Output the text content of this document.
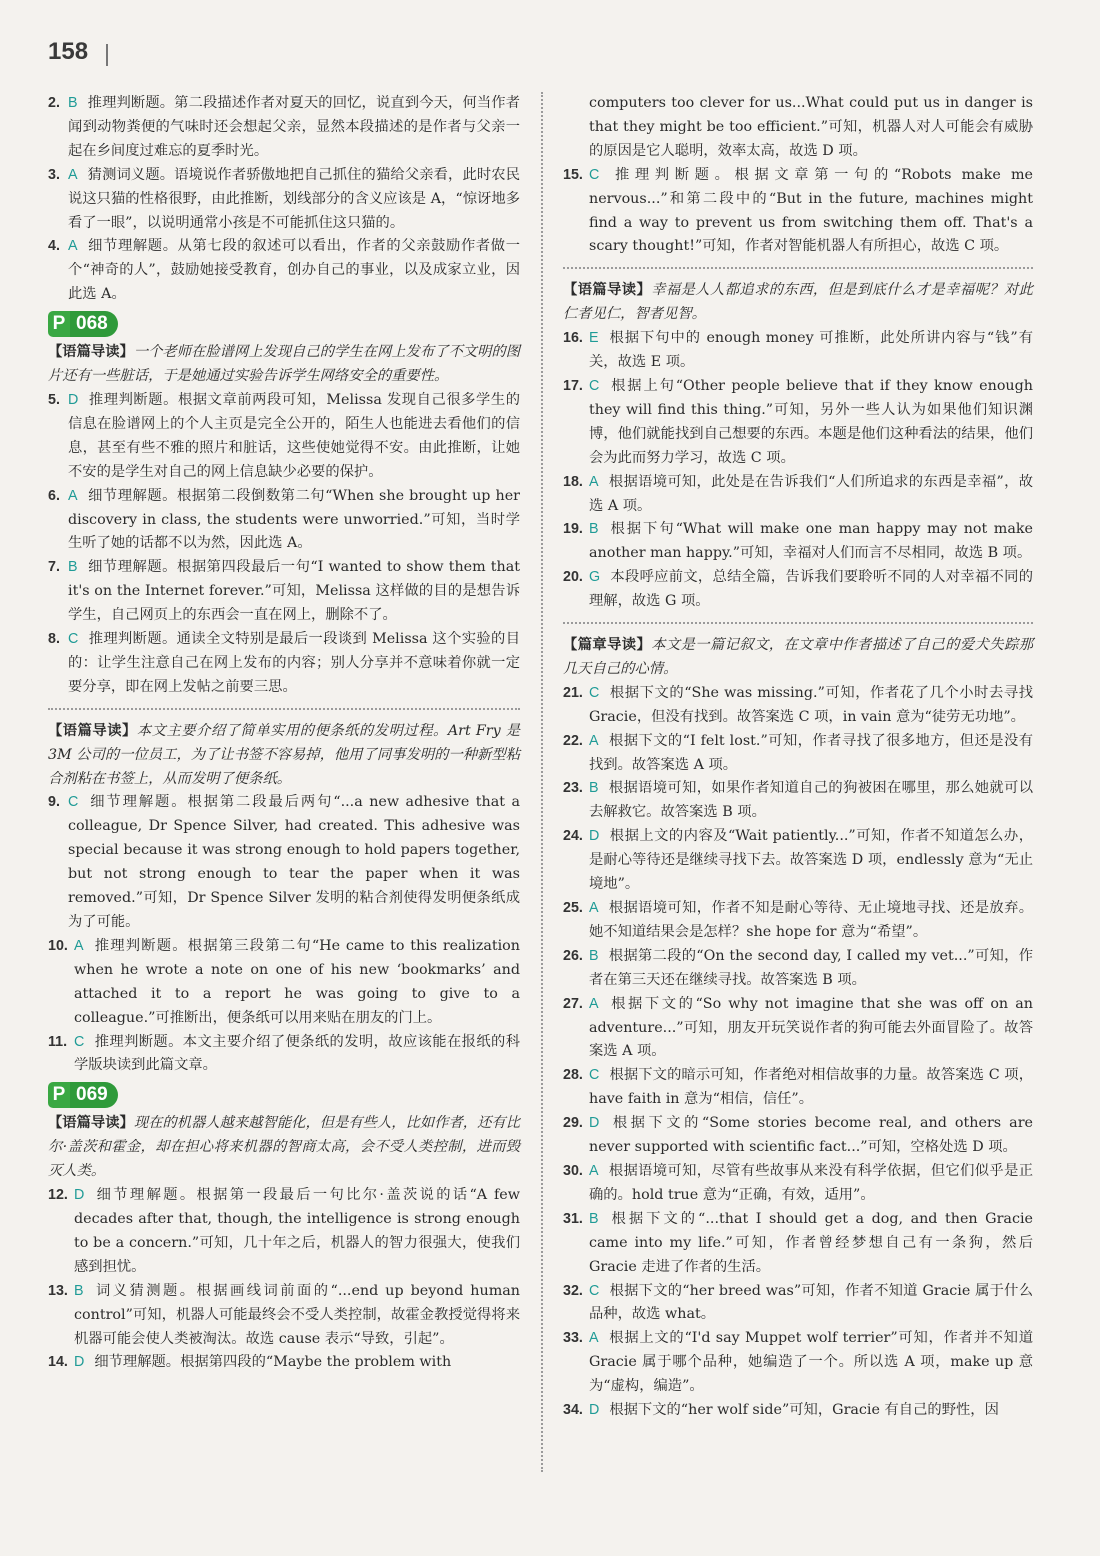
158
2. B 推理判断题。第二段描述作者对夏天的回忆，说直到今天，何当作者闻到动物粪便的气味时还会想起父亲，显然本段描述的是作者与父亲一起在乡间度过难忘的夏季时光。
3. A 猜测词义题。语境说作者骄傲地把自己抓住的猫给父亲看，此时农民说这只猫的性格很野，由此推断，划线部分的含义应该是 A，“惊讶地多看了一眼”，以说明通常小孩是不可能抓住这只猫的。
4. A 细节理解题。从第七段的叙述可以看出，作者的父亲鼓励作者做一个“神奇的人”，鼓励她接受教育，创办自己的事业，以及成家立业，因此选 A。
P 068

【语篇导读】一个老师在脸谱网上发现自己的学生在网上发布了不文明的图片还有一些脏话，于是她通过实验告诉学生网络安全的重要性。

5. D 推理判断题。根据文章前两段可知，Melissa 发现自己很多学生的信息在脸谱网上的个人主页是完全公开的，陌生人也能进去看他们的信息，甚至有些不雅的照片和脏话，这些使她觉得不安。由此推断，让她不安的是学生对自己的网上信息缺少必要的保护。
6. A 细节理解题。根据第二段倒数第二句“When she brought up her discovery in class, the students were unworried.”可知，当时学生听了她的话都不以为然，因此选 A。
7. B 细节理解题。根据第四段最后一句“I wanted to show them that it's on the Internet forever.”可知，Melissa 这样做的目的是想告诉学生，自己网页上的东西会一直在网上，删除不了。
8. C 推理判断题。通读全文特别是最后一段谈到 Melissa 这个实验的目的：让学生注意自己在网上发布的内容；别人分享并不意味着你就一定要分享，即在网上发帖之前要三思。

【语篇导读】本文主要介绍了简单实用的便条纸的发明过程。Art Fry 是 3M 公司的一位员工，为了让书签不容易掉，他用了同事发明的一种新型粘合剂粘在书签上，从而发明了便条纸。

9. C 细节理解题。根据第二段最后两句“...a new adhesive that a colleague, Dr Spence Silver, had created. This adhesive was special because it was strong enough to hold papers together, but not strong enough to tear the paper when it was removed.”可知，Dr Spence Silver 发明的粘合剂使得发明便条纸成为了可能。
10. A 推理判断题。根据第三段第二句“He came to this realization when he wrote a note on one of his new ‘bookmarks’ and attached it to a report he was going to give to a colleague.”可推断出，便条纸可以用来贴在朋友的门上。
11. C 推理判断题。本文主要介绍了便条纸的发明，故应该能在报纸的科学版块读到此篇文章。
P 069

【语篇导读】现在的机器人越来越智能化，但是有些人，比如作者，还有比尔·盖茨和霍金，却在担心将来机器的智商太高，会不受人类控制，进而毁灭人类。

12. D 细节理解题。根据第一段最后一句比尔·盖茨说的话“A few decades after that, though, the intelligence is strong enough to be a concern.”可知，几十年之后，机器人的智力很强大，使我们感到担忧。
13. B 词义猜测题。根据画线词前面的“...end up beyond human control”可知，机器人可能最终会不受人类控制，故霍金教授觉得将来机器可能会使人类被淘汰。故选 cause 表示“导致，引起”。
14. D 细节理解题。根据第四段的“Maybe the problem with
computers too clever for us...What could put us in danger is that they might be too efficient.”可知，机器人对人可能会有威胁的原因是它人聪明，效率太高，故选 D 项。
15. C 推理判断题。根据文章第一句的“Robots make me nervous...”和第二段中的“But in the future, machines might find a way to prevent us from switching them off. That's a scary thought!”可知，作者对智能机器人有所担心，故选 C 项。

【语篇导读】幸福是人人都追求的东西，但是到底什么才是幸福呢？对此仁者见仁，智者见智。

16. E 根据下句中的 enough money 可推断，此处所讲内容与“钱”有关，故选 E 项。
17. C 根据上句“Other people believe that if they know enough they will find this thing.”可知，另外一些人认为如果他们知识渊博，他们就能找到自己想要的东西。本题是他们这种看法的结果，他们会为此而努力学习，故选 C 项。
18. A 根据语境可知，此处是在告诉我们“人们所追求的东西是幸福”，故选 A 项。
19. B 根据下句“What will make one man happy may not make another man happy.”可知，幸福对人们而言不尽相同，故选 B 项。
20. G 本段呼应前文，总结全篇，告诉我们要聆听不同的人对幸福不同的理解，故选 G 项。

【篇章导读】本文是一篇记叙文，在文章中作者描述了自己的爱犬失踪那几天自己的心情。

21. C 根据下文的“She was missing.”可知，作者花了几个小时去寻找 Gracie，但没有找到。故答案选 C 项，in vain 意为“徒劳无功地”。
22. A 根据下文的“I felt lost.”可知，作者寻找了很多地方，但还是没有找到。故答案选 A 项。
23. B 根据语境可知，如果作者知道自己的狗被困在哪里，那么她就可以去解救它。故答案选 B 项。
24. D 根据上文的内容及“Wait patiently...”可知，作者不知道怎么办，是耐心等待还是继续寻找下去。故答案选 D 项，endlessly 意为“无止境地”。
25. A 根据语境可知，作者不知是耐心等待、无止境地寻找、还是放弃。她不知道结果会是怎样？she hope for 意为“希望”。
26. B 根据第二段的“On the second day, I called my vet...”可知，作者在第三天还在继续寻找。故答案选 B 项。
27. A 根据下文的“So why not imagine that she was off on an adventure...”可知，朋友开玩笑说作者的狗可能去外面冒险了。故答案选 A 项。
28. C 根据下文的暗示可知，作者绝对相信故事的力量。故答案选 C 项，have faith in 意为“相信，信任”。
29. D 根据下文的“Some stories become real, and others are never supported with scientific fact...”可知，空格处选 D 项。
30. A 根据语境可知，尽管有些故事从来没有科学依据，但它们似乎是正确的。hold true 意为“正确，有效，适用”。
31. B 根据下文的“...that I should get a dog, and then Gracie came into my life.”可知，作者曾经梦想自己有一条狗，然后 Gracie 走进了作者的生活。
32. C 根据下文的“her breed was”可知，作者不知道 Gracie 属于什么品种，故选 what。
33. A 根据上文的“I'd say Muppet wolf terrier”可知，作者并不知道 Gracie 属于哪个品种，她编造了一个。所以选 A 项，make up 意为“虚构，编造”。
34. D 根据下文的“her wolf side”可知，Gracie 有自己的野性，因
